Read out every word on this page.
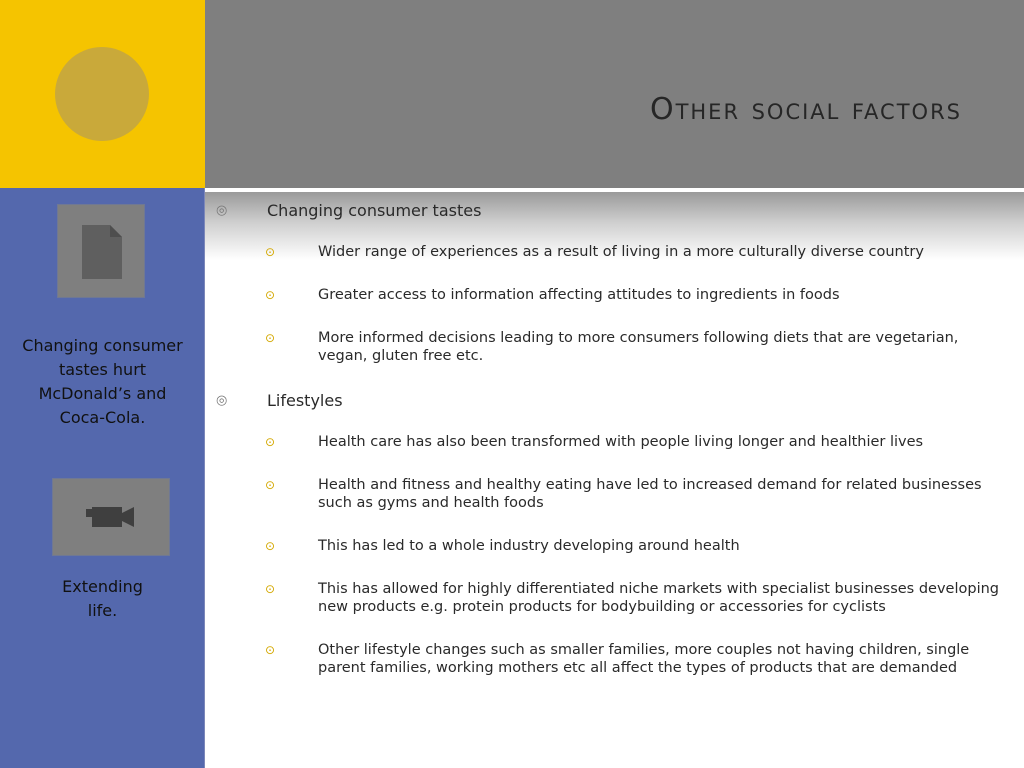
Other social factors

Changing consumer
tastes hurt
McDonald’s and
Coca-Cola.

Extending
life.

◎ Changing consumer tastes
⊙	Wider range of experiences as a result of living in a more culturally diverse country
⊙	Greater access to information affecting attitudes to ingredients in foods
⊙	More informed decisions leading to more consumers following diets that are vegetarian, vegan, gluten free etc.
◎ Lifestyles
⊙	Health care has also been transformed with people living longer and healthier lives
⊙	Health and fitness and healthy eating have led to increased demand for related businesses such as gyms and health foods
⊙	This has led to a whole industry developing around health
⊙	This has allowed for highly differentiated niche markets with specialist businesses developing new products e.g. protein products for bodybuilding or accessories for cyclists
⊙	Other lifestyle changes such as smaller families, more couples not having children, single parent families, working mothers etc all affect the types of products that are demanded
